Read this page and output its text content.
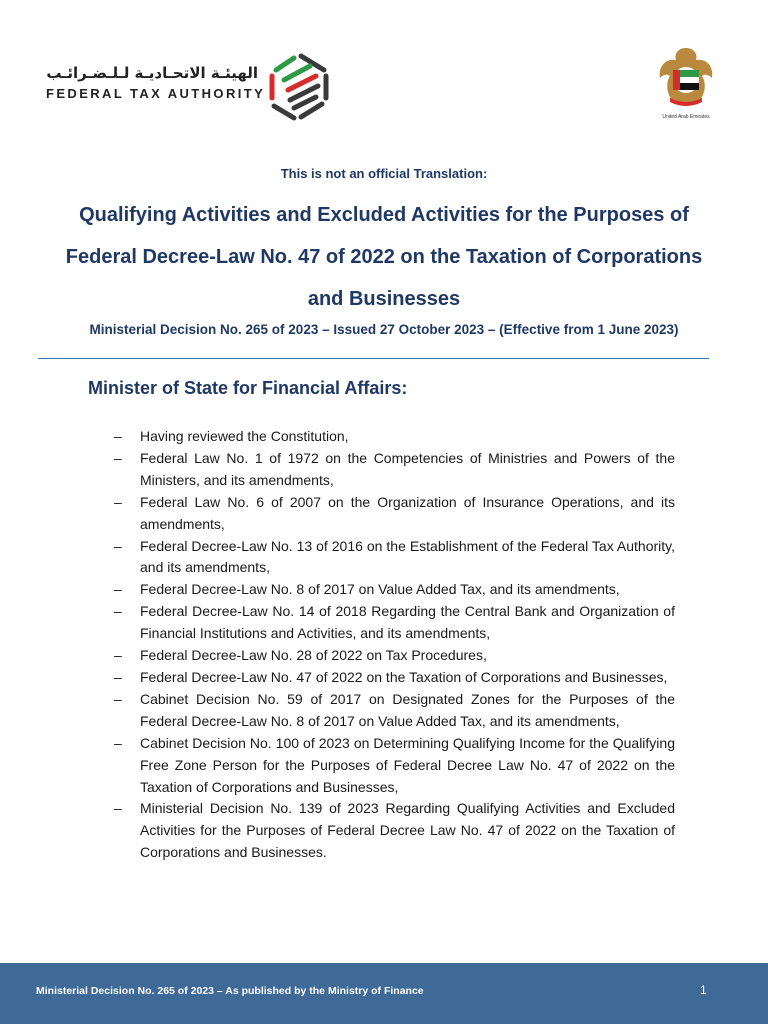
الهيئـة الاتحـاديـة لـلـضـرائـب
FEDERAL TAX AUTHORITY
United Arab Emirates
This is not an official Translation:
Qualifying Activities and Excluded Activities for the Purposes of Federal Decree-Law No. 47 of 2022 on the Taxation of Corporations and Businesses
Ministerial Decision No. 265 of 2023 – Issued 27 October 2023 – (Effective from 1 June 2023)
Minister of State for Financial Affairs:
– Having reviewed the Constitution,
– Federal Law No. 1 of 1972 on the Competencies of Ministries and Powers of the Ministers, and its amendments,
– Federal Law No. 6 of 2007 on the Organization of Insurance Operations, and its amendments,
– Federal Decree-Law No. 13 of 2016 on the Establishment of the Federal Tax Authority, and its amendments,
– Federal Decree-Law No. 8 of 2017 on Value Added Tax, and its amendments,
– Federal Decree-Law No. 14 of 2018 Regarding the Central Bank and Organization of Financial Institutions and Activities, and its amendments,
– Federal Decree-Law No. 28 of 2022 on Tax Procedures,
– Federal Decree-Law No. 47 of 2022 on the Taxation of Corporations and Businesses,
– Cabinet Decision No. 59 of 2017 on Designated Zones for the Purposes of the Federal Decree-Law No. 8 of 2017 on Value Added Tax, and its amendments,
– Cabinet Decision No. 100 of 2023 on Determining Qualifying Income for the Qualifying Free Zone Person for the Purposes of Federal Decree Law No. 47 of 2022 on the Taxation of Corporations and Businesses,
– Ministerial Decision No. 139 of 2023 Regarding Qualifying Activities and Excluded Activities for the Purposes of Federal Decree Law No. 47 of 2022 on the Taxation of Corporations and Businesses.
Ministerial Decision No. 265 of 2023 – As published by the Ministry of Finance	1
